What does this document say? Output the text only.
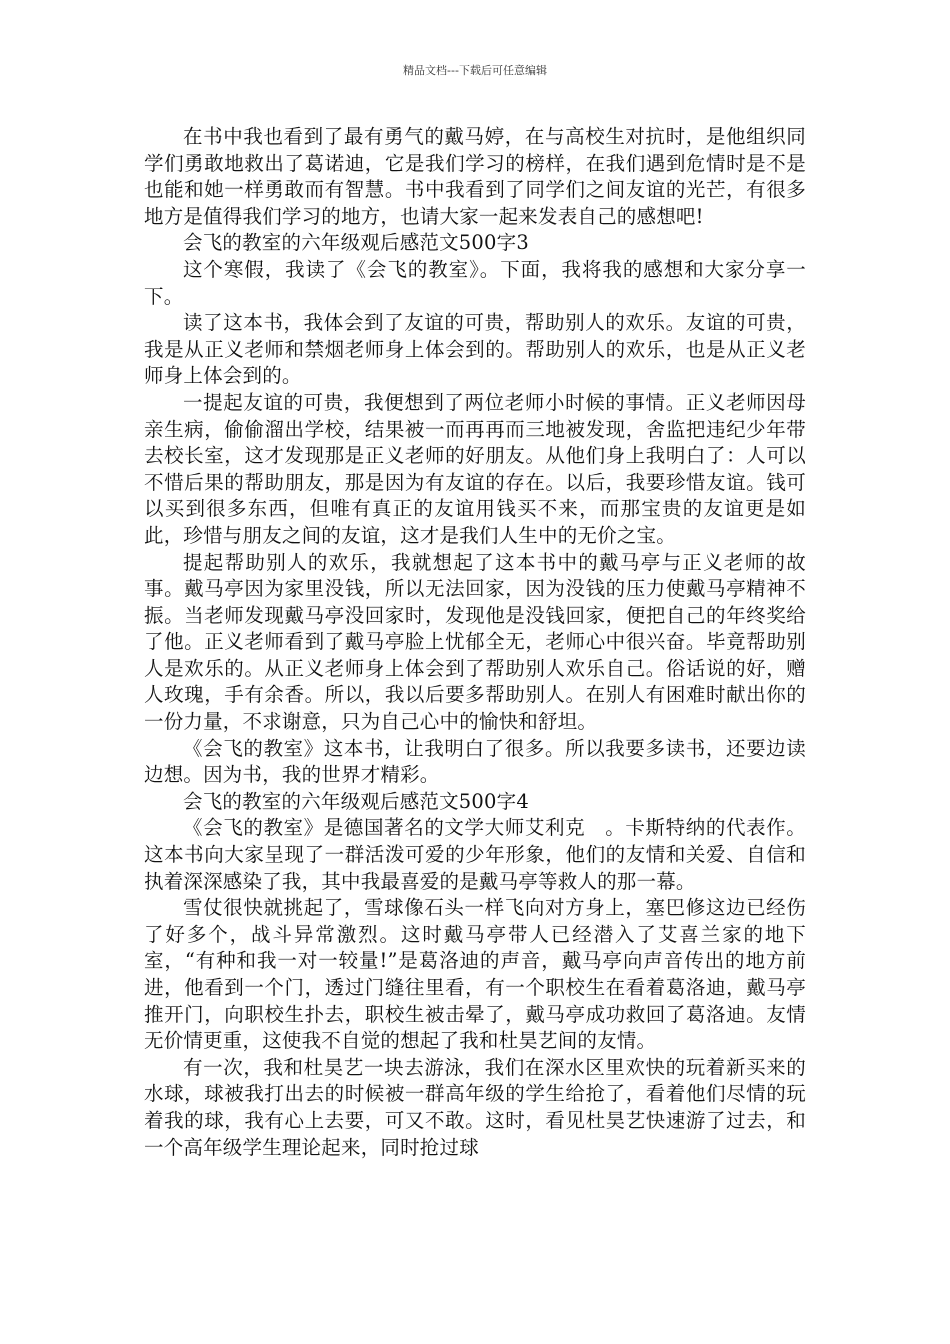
精品文档---下载后可任意编辑

在书中我也看到了最有勇气的戴马婷，在与高校生对抗时，是他组织同学们勇敢地救出了葛诺迪，它是我们学习的榜样，在我们遇到危情时是不是也能和她一样勇敢而有智慧。书中我看到了同学们之间友谊的光芒，有很多地方是值得我们学习的地方，也请大家一起来发表自己的感想吧!

会飞的教室的六年级观后感范文500字3

这个寒假，我读了《会飞的教室》。下面，我将我的感想和大家分享一下。

读了这本书，我体会到了友谊的可贵，帮助别人的欢乐。友谊的可贵，我是从正义老师和禁烟老师身上体会到的。帮助别人的欢乐，也是从正义老师身上体会到的。

一提起友谊的可贵，我便想到了两位老师小时候的事情。正义老师因母亲生病，偷偷溜出学校，结果被一而再再而三地被发现，舍监把违纪少年带去校长室，这才发现那是正义老师的好朋友。从他们身上我明白了：人可以不惜后果的帮助朋友，那是因为有友谊的存在。以后，我要珍惜友谊。钱可以买到很多东西，但唯有真正的友谊用钱买不来，而那宝贵的友谊更是如此，珍惜与朋友之间的友谊，这才是我们人生中的无价之宝。

提起帮助别人的欢乐，我就想起了这本书中的戴马亭与正义老师的故事。戴马亭因为家里没钱，所以无法回家，因为没钱的压力使戴马亭精神不振。当老师发现戴马亭没回家时，发现他是没钱回家，便把自己的年终奖给了他。正义老师看到了戴马亭脸上忧郁全无，老师心中很兴奋。毕竟帮助别人是欢乐的。从正义老师身上体会到了帮助别人欢乐自己。俗话说的好，赠人玫瑰，手有余香。所以，我以后要多帮助别人。在别人有困难时献出你的一份力量，不求谢意，只为自己心中的愉快和舒坦。

《会飞的教室》这本书，让我明白了很多。所以我要多读书，还要边读边想。因为书，我的世界才精彩。

会飞的教室的六年级观后感范文500字4

《会飞的教室》是德国著名的文学大师艾利克　。卡斯特纳的代表作。这本书向大家呈现了一群活泼可爱的少年形象，他们的友情和关爱、自信和执着深深感染了我，其中我最喜爱的是戴马亭等救人的那一幕。

雪仗很快就挑起了，雪球像石头一样飞向对方身上，塞巴修这边已经伤了好多个，战斗异常激烈。这时戴马亭带人已经潜入了艾喜兰家的地下室，“有种和我一对一较量!”是葛洛迪的声音，戴马亭向声音传出的地方前进，他看到一个门，透过门缝往里看，有一个职校生在看着葛洛迪，戴马亭推开门，向职校生扑去，职校生被击晕了，戴马亭成功救回了葛洛迪。友情无价情更重，这使我不自觉的想起了我和杜昊艺间的友情。

有一次，我和杜昊艺一块去游泳，我们在深水区里欢快的玩着新买来的水球，球被我打出去的时候被一群高年级的学生给抢了，看着他们尽情的玩着我的球，我有心上去要，可又不敢。这时，看见杜昊艺快速游了过去，和一个高年级学生理论起来，同时抢过球
